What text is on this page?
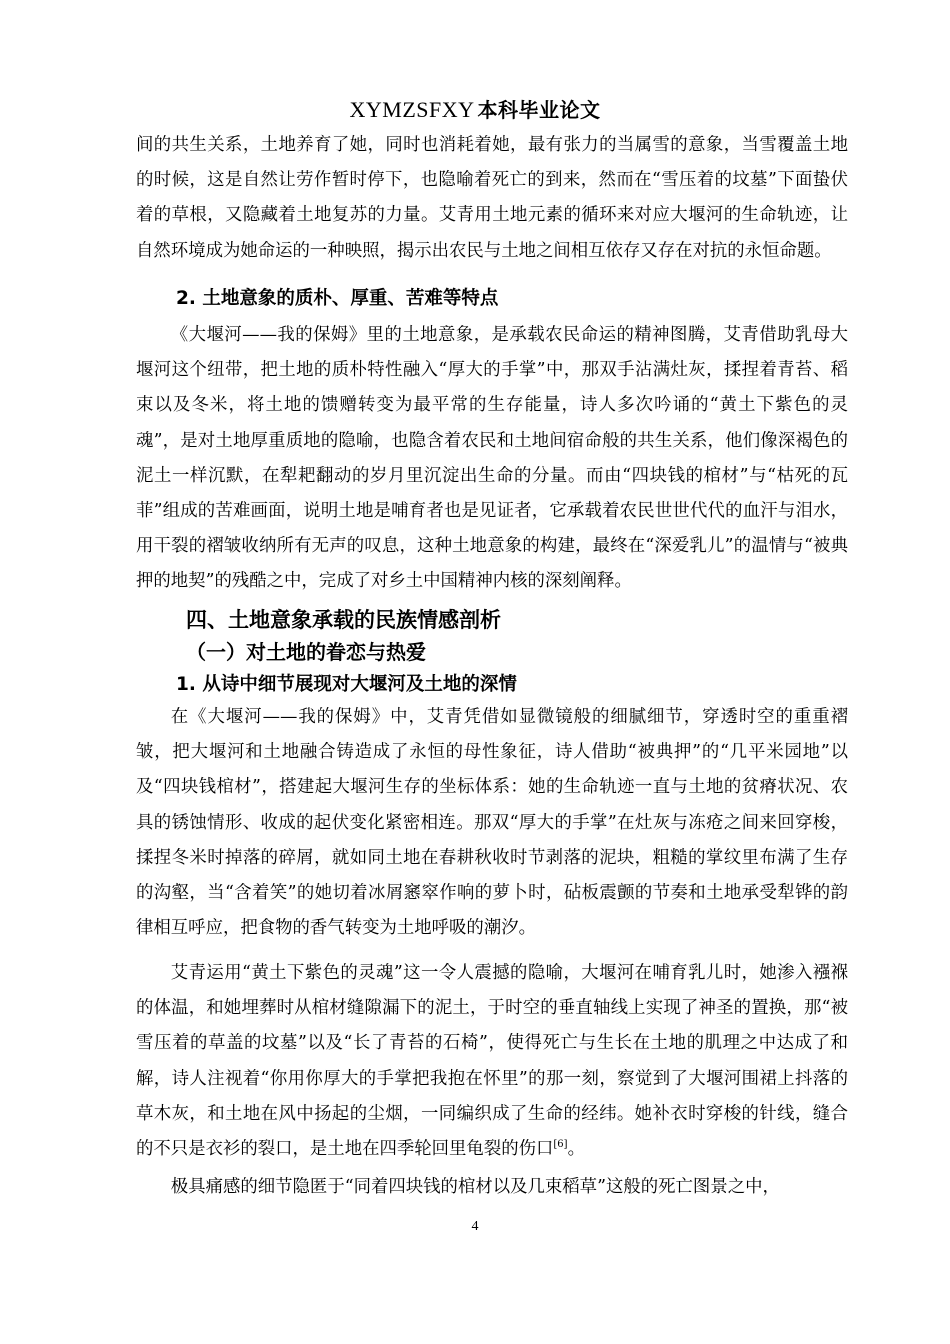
XYMZSFXY 本科毕业论文

间的共生关系，土地养育了她，同时也消耗着她，最有张力的当属雪的意象，当雪覆盖土地的时候，这是自然让劳作暂时停下，也隐喻着死亡的到来，然而在“雪压着的坟墓”下面蛰伏着的草根，又隐藏着土地复苏的力量。艾青用土地元素的循环来对应大堰河的生命轨迹，让自然环境成为她命运的一种映照，揭示出农民与土地之间相互依存又存在对抗的永恒命题。

2. 土地意象的质朴、厚重、苦难等特点

《大堰河——我的保姆》里的土地意象，是承载农民命运的精神图腾，艾青借助乳母大堰河这个纽带，把土地的质朴特性融入“厚大的手掌”中，那双手沾满灶灰，揉捏着青苔、稻束以及冬米，将土地的馈赠转变为最平常的生存能量，诗人多次吟诵的“黄土下紫色的灵魂”，是对土地厚重质地的隐喻，也隐含着农民和土地间宿命般的共生关系，他们像深褐色的泥土一样沉默，在犁耙翻动的岁月里沉淀出生命的分量。而由“四块钱的棺材”与“枯死的瓦菲”组成的苦难画面，说明土地是哺育者也是见证者，它承载着农民世世代代的血汗与泪水，用干裂的褶皱收纳所有无声的叹息，这种土地意象的构建，最终在“深爱乳儿”的温情与“被典押的地契”的残酷之中，完成了对乡土中国精神内核的深刻阐释。

四、土地意象承载的民族情感剖析
（一）对土地的眷恋与热爱
1. 从诗中细节展现对大堰河及土地的深情

在《大堰河——我的保姆》中，艾青凭借如显微镜般的细腻细节，穿透时空的重重褶皱，把大堰河和土地融合铸造成了永恒的母性象征，诗人借助“被典押”的“几平米园地”以及“四块钱棺材”，搭建起大堰河生存的坐标体系：她的生命轨迹一直与土地的贫瘠状况、农具的锈蚀情形、收成的起伏变化紧密相连。那双“厚大的手掌”在灶灰与冻疮之间来回穿梭，揉捏冬米时掉落的碎屑，就如同土地在春耕秋收时节剥落的泥块，粗糙的掌纹里布满了生存的沟壑，当“含着笑”的她切着冰屑窸窣作响的萝卜时，砧板震颤的节奏和土地承受犁铧的韵律相互呼应，把食物的香气转变为土地呼吸的潮汐。

艾青运用“黄土下紫色的灵魂”这一令人震撼的隐喻，大堰河在哺育乳儿时，她渗入襁褓的体温，和她埋葬时从棺材缝隙漏下的泥土，于时空的垂直轴线上实现了神圣的置换，那“被雪压着的草盖的坟墓”以及“长了青苔的石椅”，使得死亡与生长在土地的肌理之中达成了和解，诗人注视着“你用你厚大的手掌把我抱在怀里”的那一刻，察觉到了大堰河围裙上抖落的草木灰，和土地在风中扬起的尘烟，一同编织成了生命的经纬。她补衣时穿梭的针线，缝合的不只是衣衫的裂口，是土地在四季轮回里龟裂的伤口[6]。

极具痛感的细节隐匿于“同着四块钱的棺材以及几束稻草”这般的死亡图景之中，

4
